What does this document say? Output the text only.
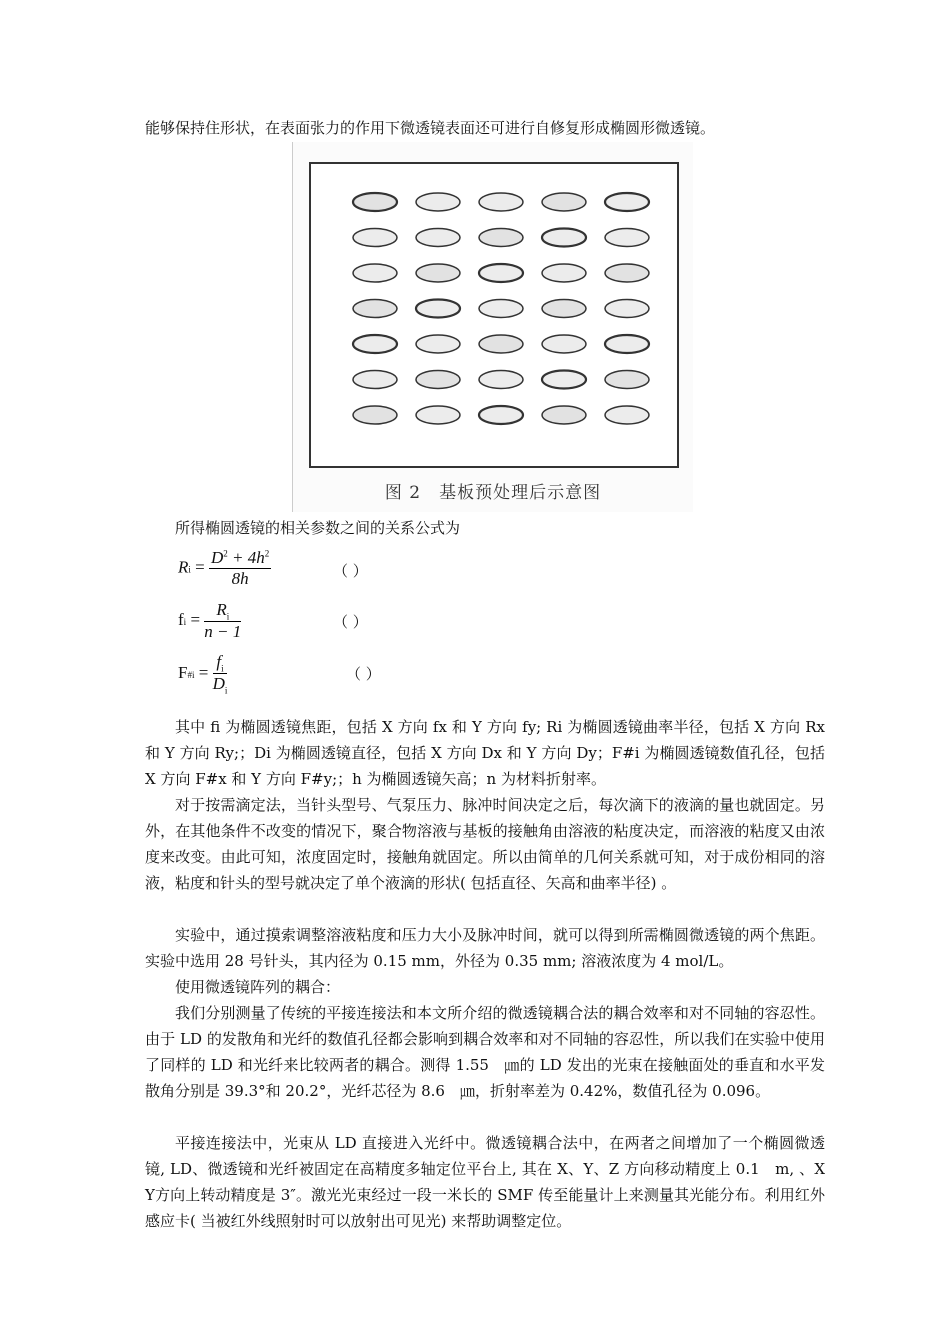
能够保持住形状，在表面张力的作用下微透镜表面还可进行自修复形成椭圆形微透镜。
图 2　基板预处理后示意图
所得椭圆透镜的相关参数之间的关系公式为
$Ri = \frac{D^2 + 4h^2}{8h}$	（ ）
fi = $\frac{R_i}{n - 1}$	（ ）
F#i = $\frac{f_i}{D_i}$	（ ）
其中 fi 为椭圆透镜焦距，包括 X 方向 fx 和 Y 方向 fy; Ri 为椭圆透镜曲率半径，包括 X 方向 Rx 和 Y 方向 Ry;；Di 为椭圆透镜直径，包括 X 方向 Dx 和 Y 方向 Dy；F#i 为椭圆透镜数值孔径，包括 X 方向 F#x 和 Y 方向 F#y;；h 为椭圆透镜矢高；n 为材料折射率。
对于按需滴定法，当针头型号、气泵压力、脉冲时间决定之后，每次滴下的液滴的量也就固定。另外，在其他条件不改变的情况下，聚合物溶液与基板的接触角由溶液的粘度决定，而溶液的粘度又由浓度来改变。由此可知，浓度固定时，接触角就固定。所以由简单的几何关系就可知，对于成份相同的溶液，粘度和针头的型号就决定了单个液滴的形状( 包括直径、矢高和曲率半径) 。
实验中，通过摸索调整溶液粘度和压力大小及脉冲时间，就可以得到所需椭圆微透镜的两个焦距。实验中选用 28 号针头，其内径为 0.15 mm，外径为 0.35 mm; 溶液浓度为 4 mol/L。
使用微透镜阵列的耦合：
我们分别测量了传统的平接连接法和本文所介绍的微透镜耦合法的耦合效率和对不同轴的容忍性。由于 LD 的发散角和光纤的数值孔径都会影响到耦合效率和对不同轴的容忍性，所以我们在实验中使用了同样的 LD 和光纤来比较两者的耦合。测得 1.55　㎛的 LD 发出的光束在接触面处的垂直和水平发散角分别是 39.3°和 20.2°，光纤芯径为 8.6　㎛，折射率差为 0.42%，数值孔径为 0.096。
平接连接法中，光束从 LD 直接进入光纤中。微透镜耦合法中，在两者之间增加了一个椭圆微透镜, LD、微透镜和光纤被固定在高精度多轴定位平台上, 其在 X、Y、Z 方向移动精度上 0.1　m, 、X　Y方向上转动精度是 3″。激光光束经过一段一米长的 SMF 传至能量计上来测量其光能分布。利用红外感应卡( 当被红外线照射时可以放射出可见光) 来帮助调整定位。
